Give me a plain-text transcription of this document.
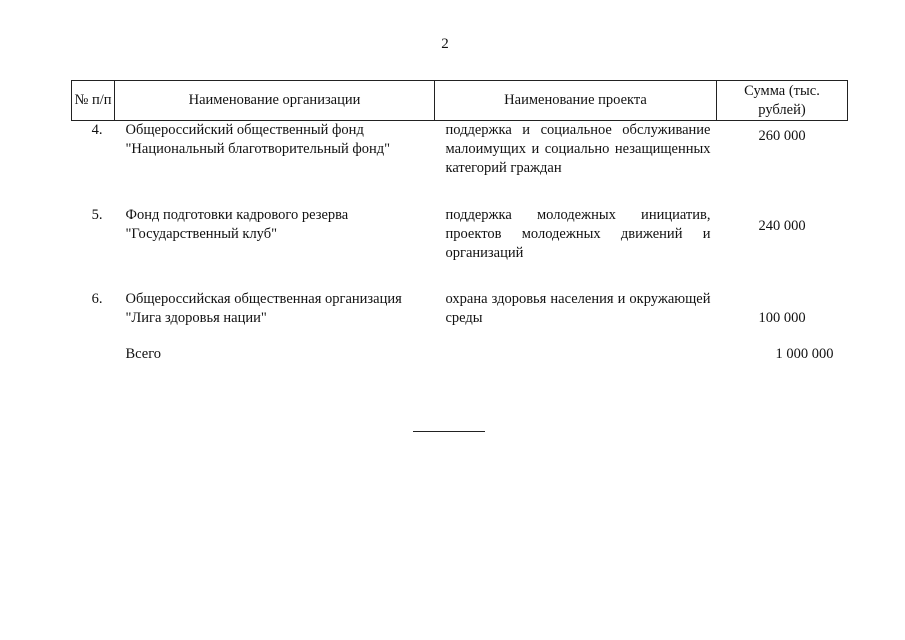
2
№ п/п	Наименование организации	Наименование проекта	Сумма (тыс. рублей)
4.	Общероссийский общественный фонд "Национальный благотворительный фонд"	поддержка и социальное обслуживание малоимущих и социально незащищенных категорий граждан	260 000
5.	Фонд подготовки кадрового резерва "Государственный клуб"	поддержка молодежных инициатив, проектов молодежных движений и организаций	240 000
6.	Общероссийская общественная организация "Лига здоровья нации"	охрана здоровья населения и окружающей среды	100 000
	Всего		1 000 000
